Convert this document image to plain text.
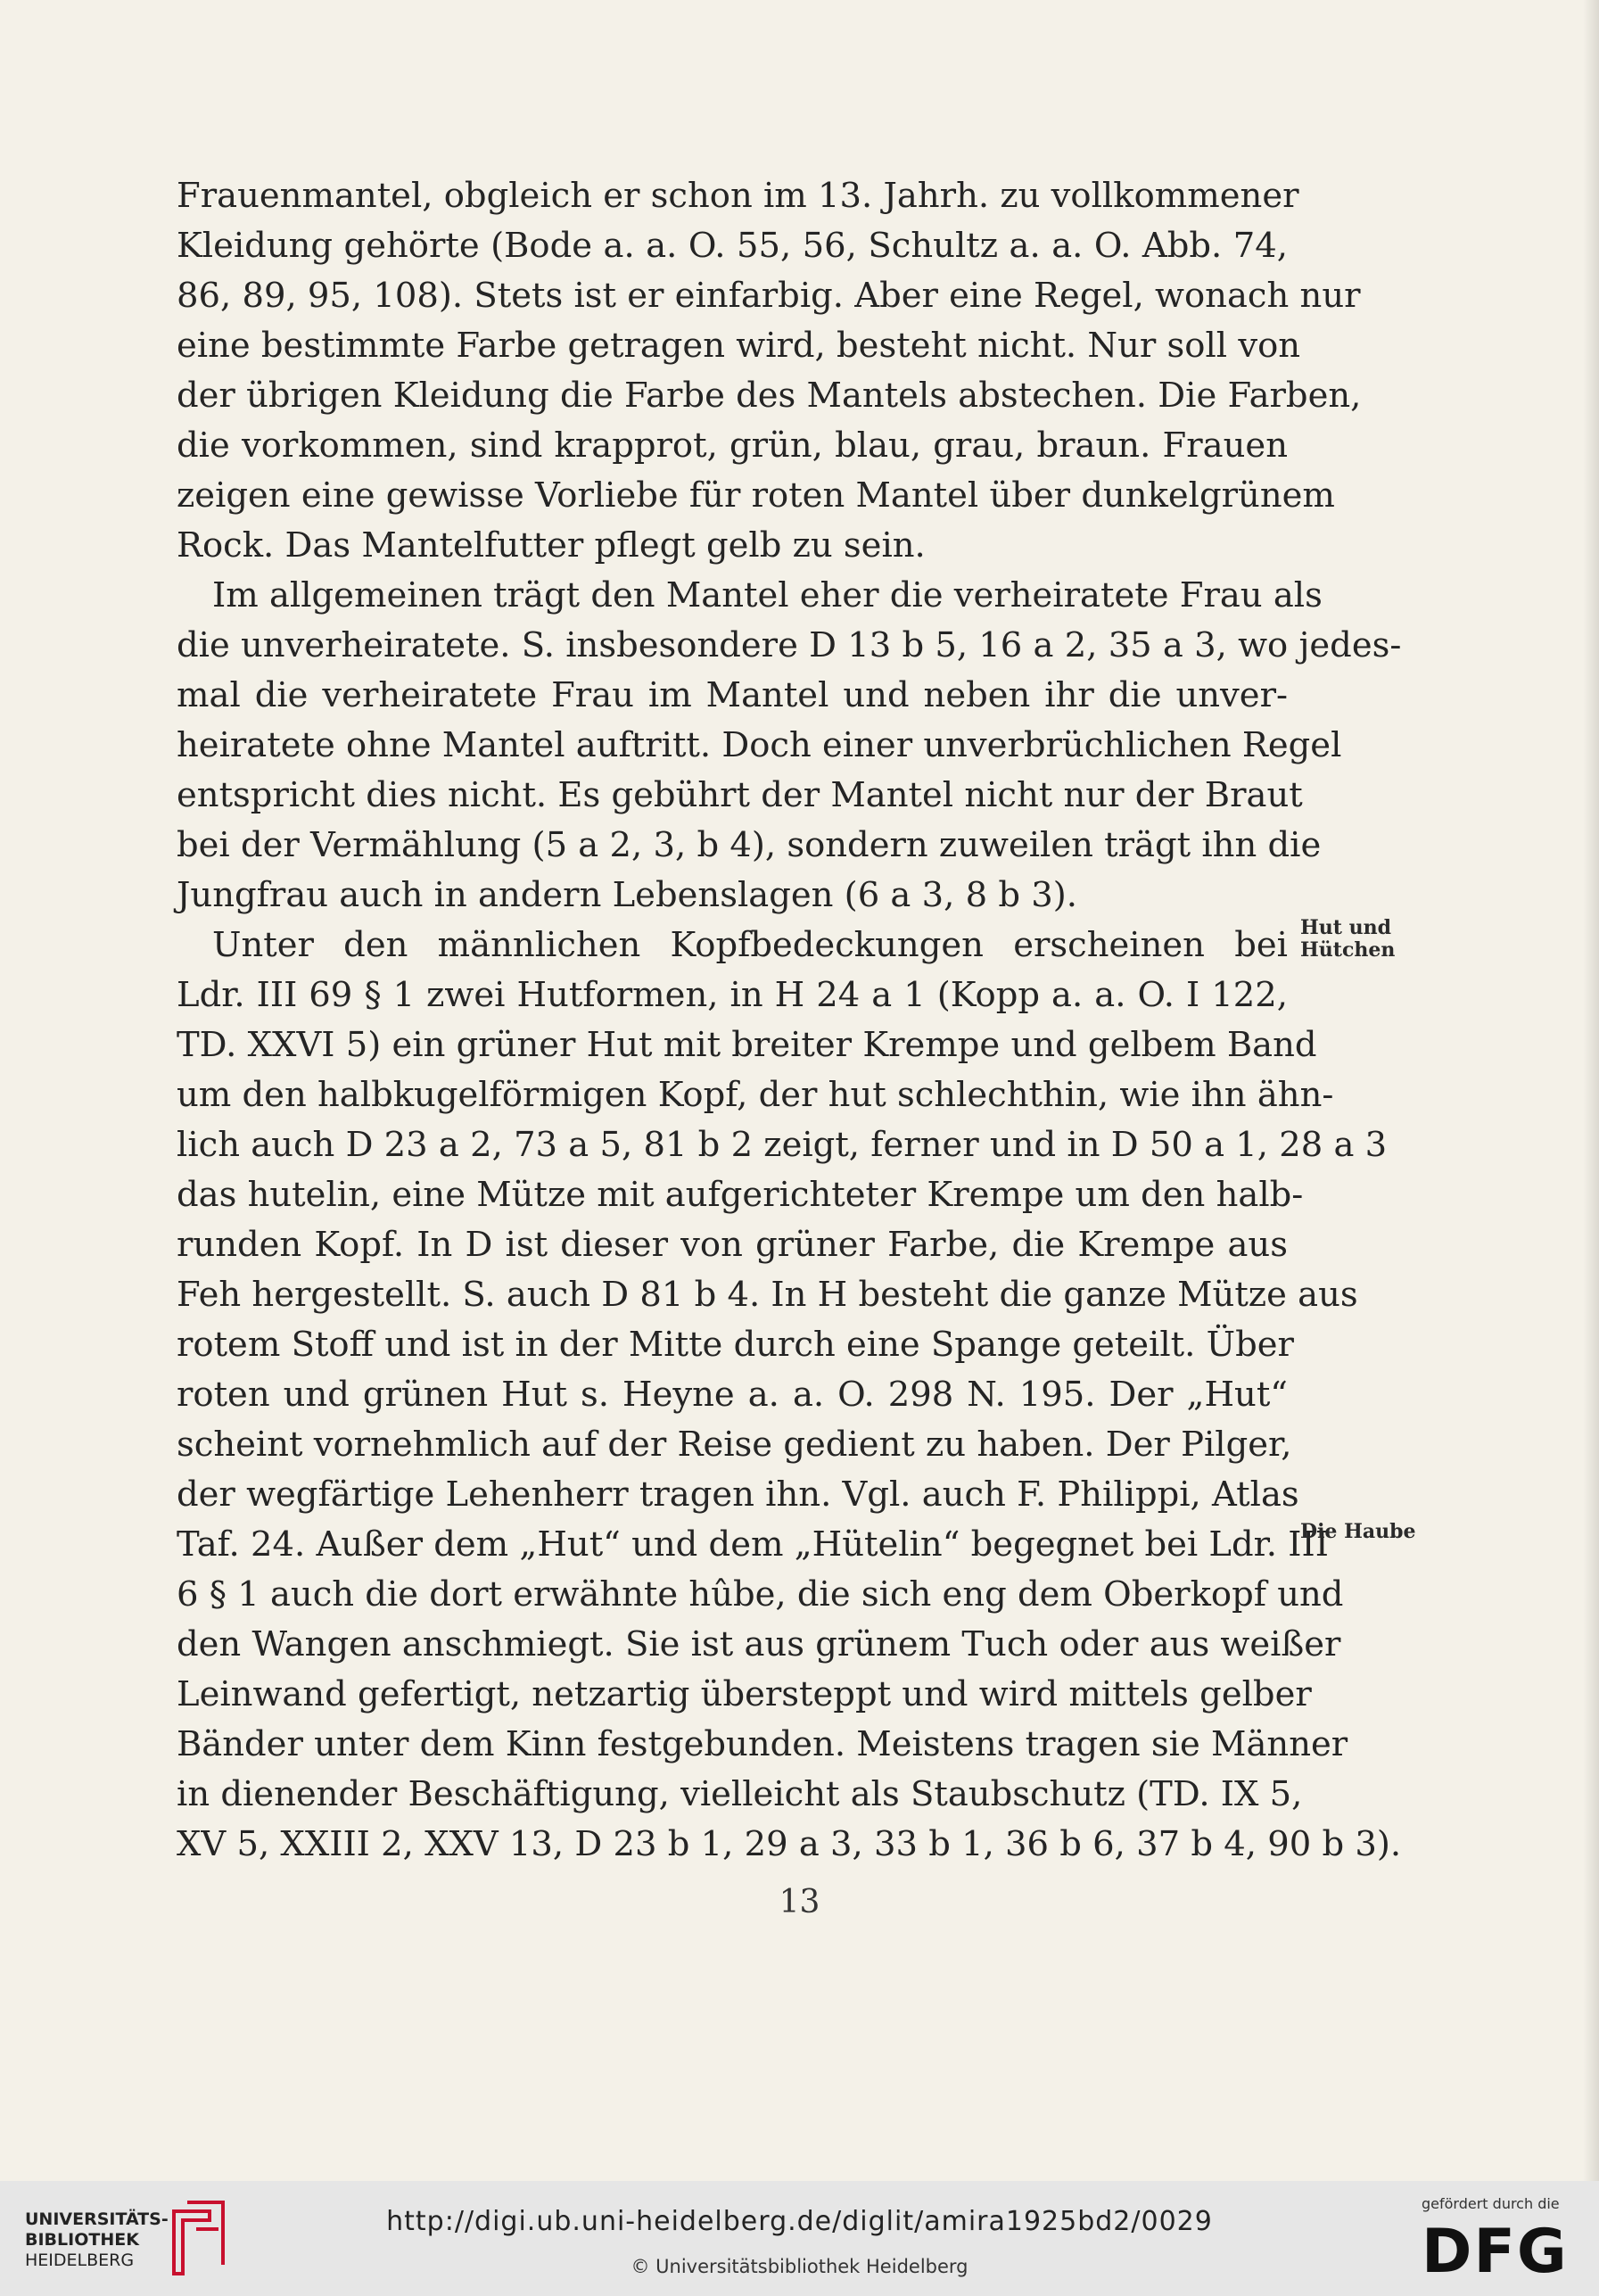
Frauenmantel, obgleich er schon im 13. Jahrh. zu vollkommener
Kleidung gehörte (Bode a. a. O. 55, 56, Schultz a. a. O. Abb. 74,
86, 89, 95, 108). Stets ist er einfarbig. Aber eine Regel, wonach nur
eine bestimmte Farbe getragen wird, besteht nicht. Nur soll von
der übrigen Kleidung die Farbe des Mantels abstechen. Die Farben,
die vorkommen, sind krapprot, grün, blau, grau, braun. Frauen
zeigen eine gewisse Vorliebe für roten Mantel über dunkelgrünem
Rock. Das Mantelfutter pflegt gelb zu sein.
Im allgemeinen trägt den Mantel eher die verheiratete Frau als
die unverheiratete. S. insbesondere D 13 b 5, 16 a 2, 35 a 3, wo jedes-
mal die verheiratete Frau im Mantel und neben ihr die unver-
heiratete ohne Mantel auftritt. Doch einer unverbrüchlichen Regel
entspricht dies nicht. Es gebührt der Mantel nicht nur der Braut
bei der Vermählung (5 a 2, 3, b 4), sondern zuweilen trägt ihn die
Jungfrau auch in andern Lebenslagen (6 a 3, 8 b 3).
Unter den männlichen Kopfbedeckungen erscheinen bei
Ldr. III 69 § 1 zwei Hutformen, in H 24 a 1 (Kopp a. a. O. I 122,
TD. XXVI 5) ein grüner Hut mit breiter Krempe und gelbem Band
um den halbkugelförmigen Kopf, der hut schlechthin, wie ihn ähn-
lich auch D 23 a 2, 73 a 5, 81 b 2 zeigt, ferner und in D 50 a 1, 28 a 3
das hutelin, eine Mütze mit aufgerichteter Krempe um den halb-
runden Kopf. In D ist dieser von grüner Farbe, die Krempe aus
Feh hergestellt. S. auch D 81 b 4. In H besteht die ganze Mütze aus
rotem Stoff und ist in der Mitte durch eine Spange geteilt. Über
roten und grünen Hut s. Heyne a. a. O. 298 N. 195. Der „Hut“
scheint vornehmlich auf der Reise gedient zu haben. Der Pilger,
der wegfärtige Lehenherr tragen ihn. Vgl. auch F. Philippi, Atlas
Taf. 24. Außer dem „Hut“ und dem „Hütelin“ begegnet bei Ldr. III
6 § 1 auch die dort erwähnte hûbe, die sich eng dem Oberkopf und
den Wangen anschmiegt. Sie ist aus grünem Tuch oder aus weißer
Leinwand gefertigt, netzartig übersteppt und wird mittels gelber
Bänder unter dem Kinn festgebunden. Meistens tragen sie Männer
in dienender Beschäftigung, vielleicht als Staubschutz (TD. IX 5,
XV 5, XXIII 2, XXV 13, D 23 b 1, 29 a 3, 33 b 1, 36 b 6, 37 b 4, 90 b 3).
Hut und
Hütchen
Die Haube
13
UNIVERSITÄTS-
BIBLIOTHEK
HEIDELBERG
http://digi.ub.uni-heidelberg.de/diglit/amira1925bd2/0029
© Universitätsbibliothek Heidelberg
gefördert durch die
DFG
